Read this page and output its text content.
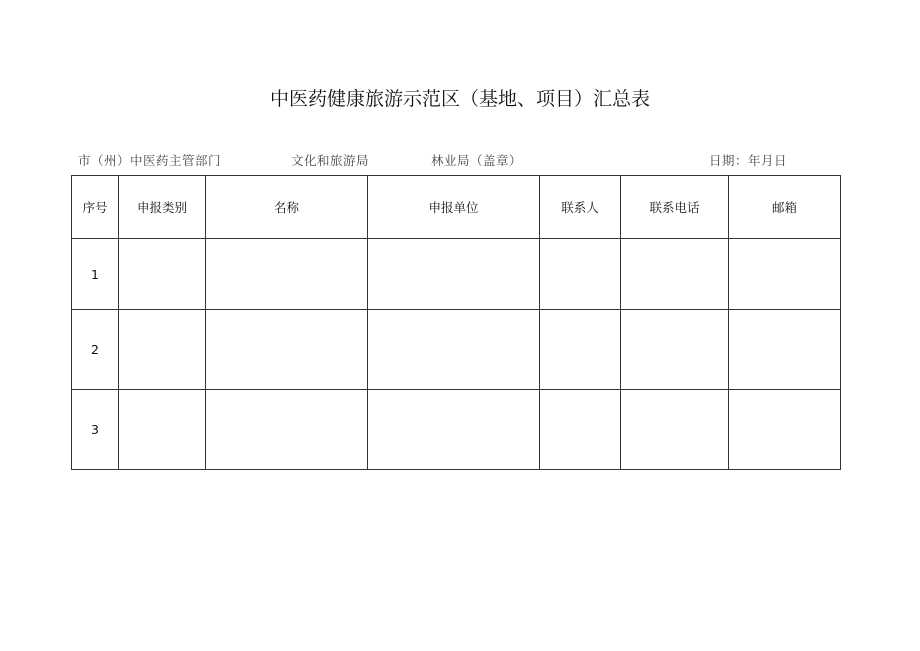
中医药健康旅游示范区（基地、项目）汇总表
市（州）中医药主管部门	文化和旅游局	林业局（盖章）	日期：年月日
序号	申报类别	名称	申报单位	联系人	联系电话	邮箱
1						
2						
3						
